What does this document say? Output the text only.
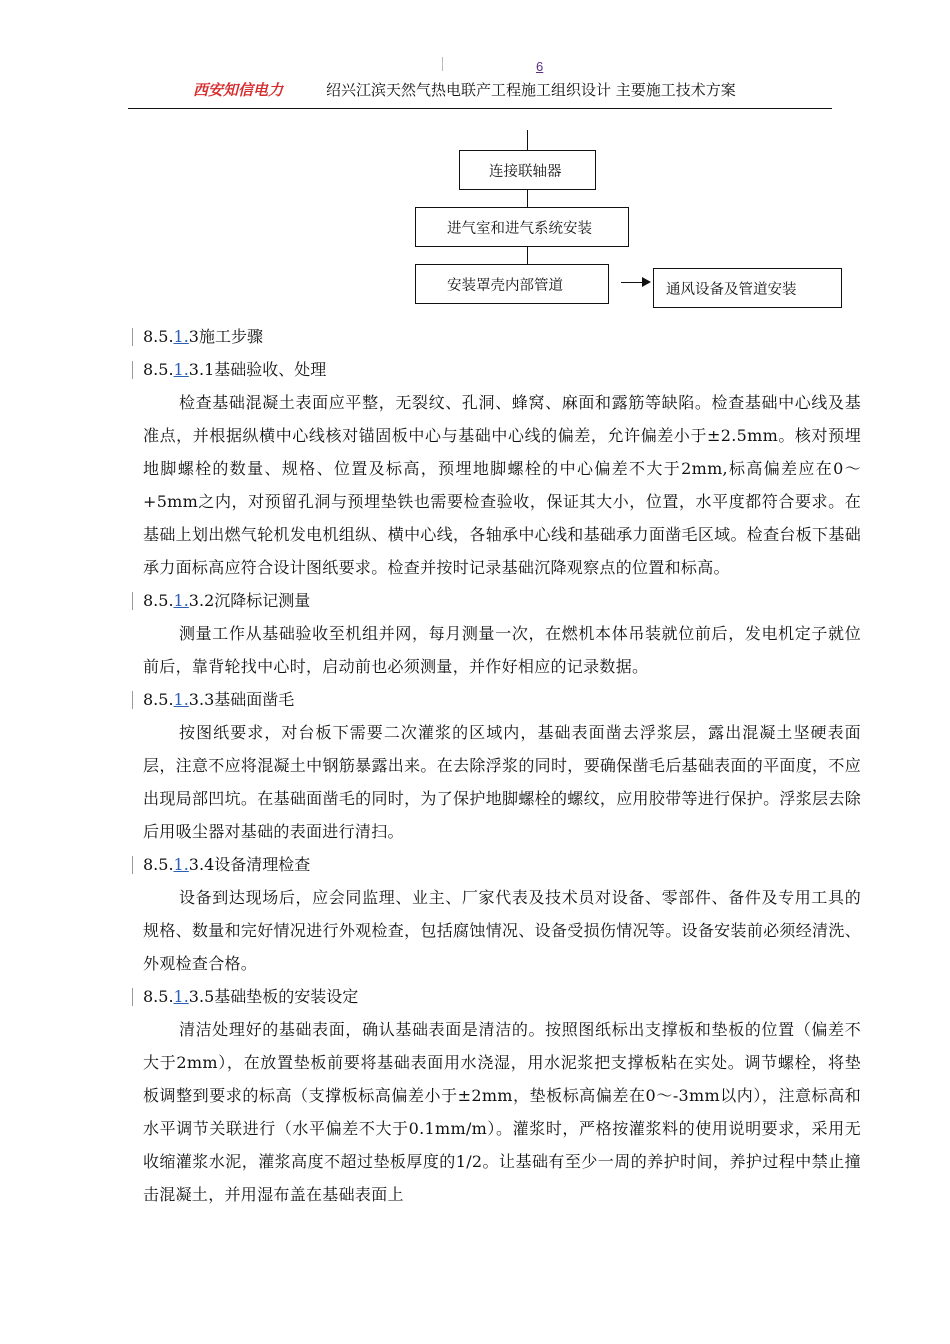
6
西安知信电力	绍兴江滨天然气热电联产工程施工组织设计 主要施工技术方案
连接联轴器
进气室和进气系统安装
安装罩壳内部管道	通风设备及管道安装
8.5.1.3施工步骤
8.5.1.3.1基础验收、处理

检查基础混凝土表面应平整，无裂纹、孔洞、蜂窝、麻面和露筋等缺陷。检查基础中心线及基准点，并根据纵横中心线核对锚固板中心与基础中心线的偏差，允许偏差小于±2.5mm。核对预埋地脚螺栓的数量、规格、位置及标高，预埋地脚螺栓的中心偏差不大于2mm,标高偏差应在0～+5mm之内，对预留孔洞与预埋垫铁也需要检查验收，保证其大小，位置，水平度都符合要求。在基础上划出燃气轮机发电机组纵、横中心线，各轴承中心线和基础承力面凿毛区域。检查台板下基础承力面标高应符合设计图纸要求。检查并按时记录基础沉降观察点的位置和标高。

8.5.1.3.2沉降标记测量

测量工作从基础验收至机组并网，每月测量一次，在燃机本体吊装就位前后，发电机定子就位前后，靠背轮找中心时，启动前也必须测量，并作好相应的记录数据。

8.5.1.3.3基础面凿毛

按图纸要求，对台板下需要二次灌浆的区域内，基础表面凿去浮浆层，露出混凝土坚硬表面层，注意不应将混凝土中钢筋暴露出来。在去除浮浆的同时，要确保凿毛后基础表面的平面度，不应出现局部凹坑。在基础面凿毛的同时，为了保护地脚螺栓的螺纹，应用胶带等进行保护。浮浆层去除后用吸尘器对基础的表面进行清扫。

8.5.1.3.4设备清理检查

设备到达现场后，应会同监理、业主、厂家代表及技术员对设备、零部件、备件及专用工具的规格、数量和完好情况进行外观检查，包括腐蚀情况、设备受损伤情况等。设备安装前必须经清洗、外观检查合格。

8.5.1.3.5基础垫板的安装设定

清洁处理好的基础表面，确认基础表面是清洁的。按照图纸标出支撑板和垫板的位置（偏差不大于2mm），在放置垫板前要将基础表面用水浇湿，用水泥浆把支撑板粘在实处。调节螺栓，将垫板调整到要求的标高（支撑板标高偏差小于±2mm，垫板标高偏差在0～-3mm以内），注意标高和水平调节关联进行（水平偏差不大于0.1mm/m）。灌浆时，严格按灌浆料的使用说明要求，采用无收缩灌浆水泥，灌浆高度不超过垫板厚度的1/2。让基础有至少一周的养护时间，养护过程中禁止撞击混凝土，并用湿布盖在基础表面上
